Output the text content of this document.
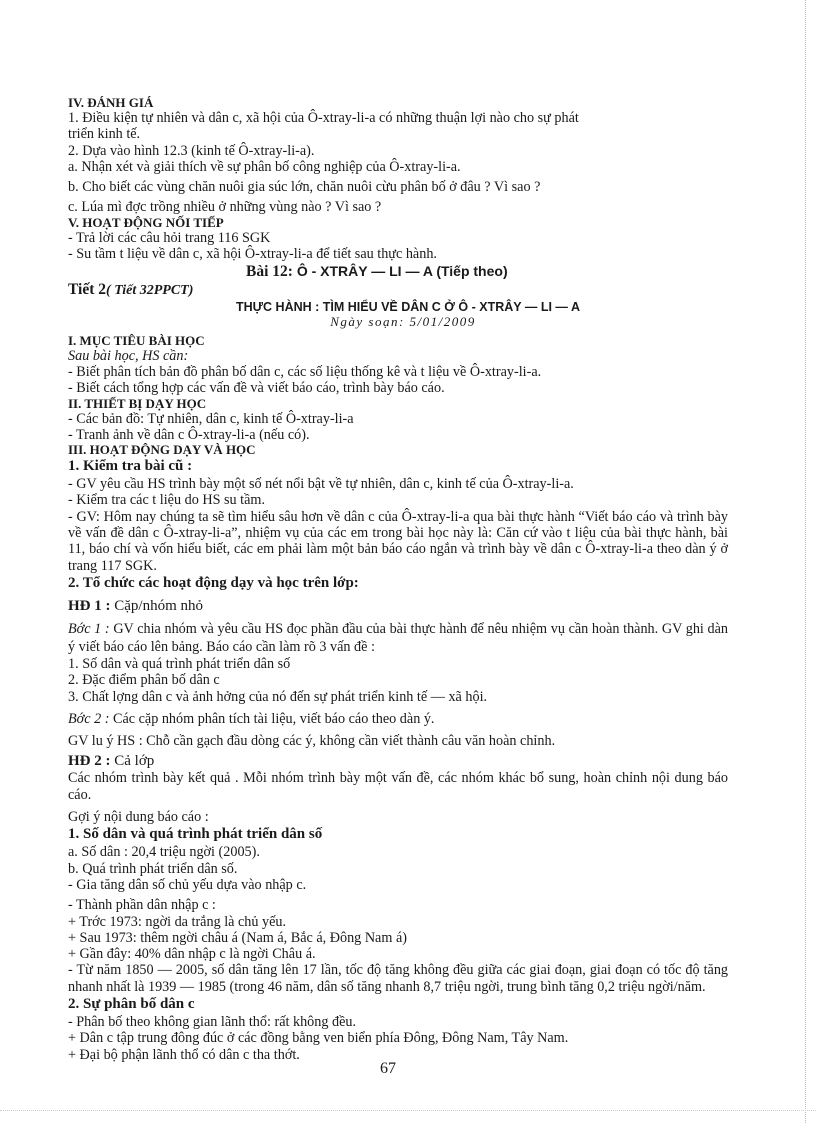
IV. ĐÁNH GIÁ

1. Điều kiện tự nhiên và dân c, xã hội của Ô-xtray-li-a có những thuận lợi nào cho sự phát

triển kinh tế.

2. Dựa vào hình 12.3 (kinh tế Ô-xtray-li-a).

a. Nhận xét và giải thích về sự phân bố công nghiệp của Ô-xtray-li-a.

b. Cho biết các vùng chăn nuôi gia súc lớn, chăn nuôi cừu phân bố ở đâu ? Vì sao ?

c. Lúa mì đợc trồng nhiều ở những vùng nào ? Vì sao ?

V. HOẠT ĐỘNG NỐI TIẾP

- Trả lời các câu hỏi trang 116 SGK

- Su tầm t liệu về dân c, xã hội Ô-xtray-li-a để tiết sau thực hành.

Bài 12: Ô - XTRÂY — LI — A (Tiếp theo)

Tiết 2( Tiết 32PPCT)

THỰC HÀNH : TÌM HIỂU VỀ DÂN C Ở Ô - XTRÂY — LI — A

Ngày soạn: 5/01/2009

I. MỤC TIÊU BÀI HỌC

Sau bài học, HS cần:

- Biết phân tích bản đồ phân bố dân c, các số liệu thống kê và t liệu về Ô-xtray-li-a.

- Biết cách tổng hợp các vấn đề và viết báo cáo, trình bày báo cáo.

II. THIẾT BỊ DẠY HỌC

- Các bản đồ: Tự nhiên, dân c, kinh tế Ô-xtray-li-a

- Tranh ảnh về dân c Ô-xtray-li-a (nếu có).

III. HOẠT ĐỘNG DẠY VÀ HỌC

1. Kiểm tra bài cũ :

- GV yêu cầu HS trình bày một số nét nổi bật về tự nhiên, dân c, kinh tế của Ô-xtray-li-a.

- Kiểm tra các t liệu do HS su tầm.

- GV: Hôm nay chúng ta sẽ tìm hiểu sâu hơn về dân c của Ô-xtray-li-a qua bài thực hành “Viết báo cáo và trình bày về vấn đề dân c Ô-xtray-li-a”, nhiệm vụ của các em trong bài học này là: Căn cứ vào t liệu của bài thực hành, bài 11, báo chí và vốn hiểu biết, các em phải làm một bản báo cáo ngắn và trình bày về dân c Ô-xtray-li-a theo dàn ý ở trang 117 SGK.

2. Tổ chức các hoạt động dạy và học trên lớp:

HĐ 1 : Cặp/nhóm nhỏ

Bớc 1 : GV chia nhóm và yêu cầu HS đọc phần đầu của bài thực hành để nêu nhiệm vụ cần hoàn thành. GV ghi dàn ý viết báo cáo lên bảng. Báo cáo cần làm rõ 3 vấn đề :

1. Số dân và quá trình phát triển dân số

2. Đặc điểm phân bố dân c

3. Chất lợng dân c và ảnh hởng của nó đến sự phát triển kinh tế — xã hội.

Bớc 2 : Các cặp nhóm phân tích tài liệu, viết báo cáo theo dàn ý.

GV lu ý HS : Chỗ cần gạch đầu dòng các ý, không cần viết thành câu văn hoàn chỉnh.

HĐ 2 : Cả lớp

Các nhóm trình bày kết quả . Mỗi nhóm trình bày một vấn đề, các nhóm khác bổ sung, hoàn chỉnh nội dung báo cáo.

Gợi ý nội dung báo cáo :

1. Số dân và quá trình phát triển dân số

a. Số dân : 20,4 triệu ngời (2005).

b. Quá trình phát triển dân số.

- Gia tăng dân số chủ yếu dựa vào nhập c.

- Thành phần dân nhập c :

+ Trớc 1973: ngời da trắng là chủ yếu.

+ Sau 1973: thêm ngời châu á (Nam á, Bắc á, Đông Nam á)

+ Gần đây: 40% dân nhập c là ngời Châu á.

- Từ năm 1850 — 2005, số dân tăng lên 17 lần, tốc độ tăng không đều giữa các giai đoạn, giai đoạn có tốc độ tăng nhanh nhất là 1939 — 1985 (trong 46 năm, dân số tăng nhanh 8,7 triệu ngời, trung bình tăng 0,2 triệu ngời/năm.

2. Sự phân bố dân c

- Phân bố theo không gian lãnh thổ: rất không đều.

+ Dân c tập trung đông đúc ở các đồng bằng ven biển phía Đông, Đông Nam, Tây Nam.

+ Đại bộ phận lãnh thổ có dân c tha thớt.

67
